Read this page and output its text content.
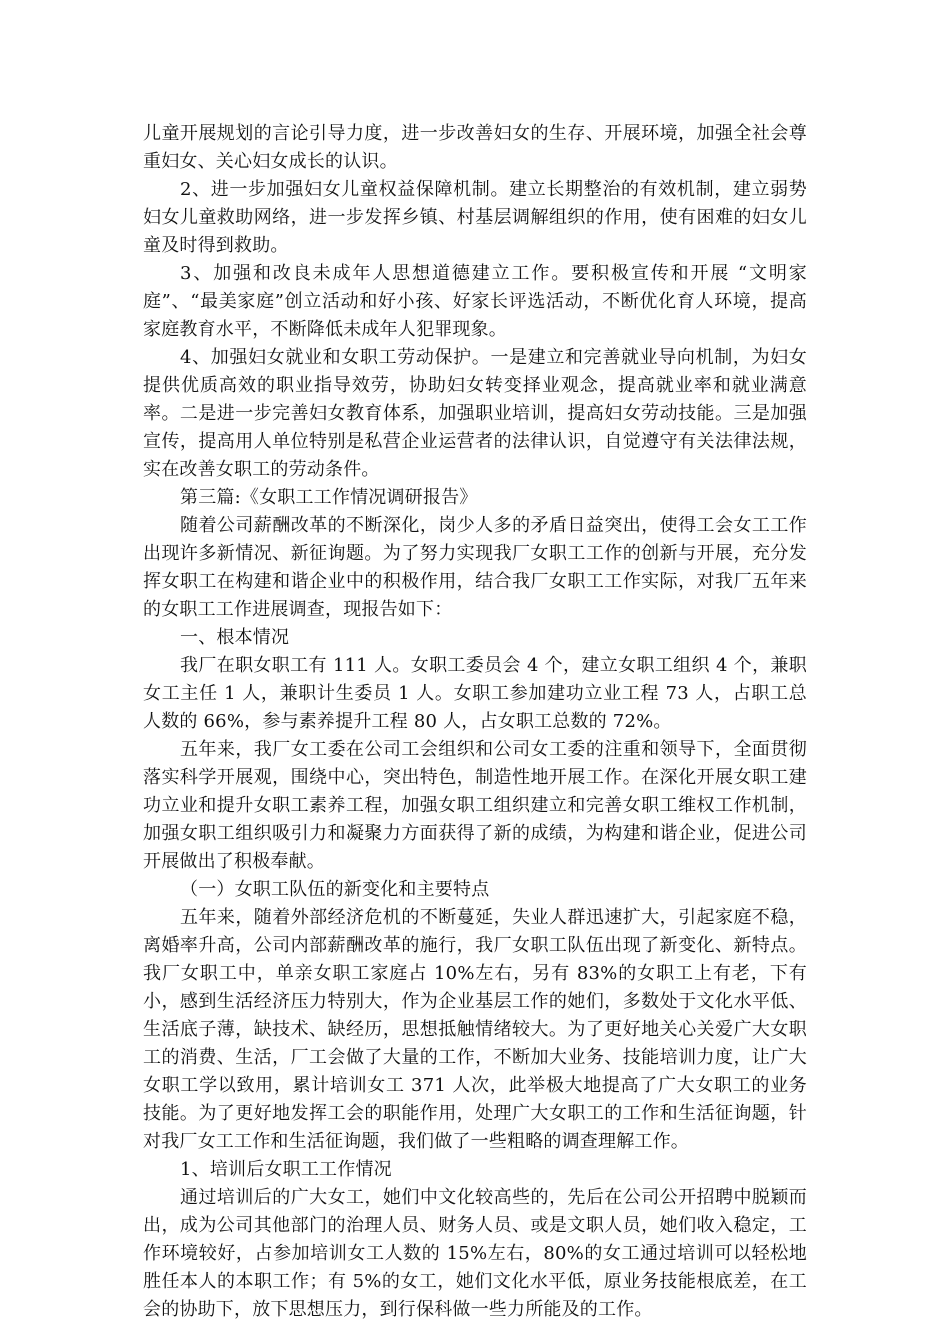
儿童开展规划的言论引导力度，进一步改善妇女的生存、开展环境，加强全社会尊重妇女、关心妇女成长的认识。

2、进一步加强妇女儿童权益保障机制。建立长期整治的有效机制，建立弱势妇女儿童救助网络，进一步发挥乡镇、村基层调解组织的作用，使有困难的妇女儿童及时得到救助。

3、加强和改良未成年人思想道德建立工作。要积极宣传和开展 “文明家庭”、“最美家庭”创立活动和好小孩、好家长评选活动，不断优化育人环境，提高家庭教育水平，不断降低未成年人犯罪现象。

4、加强妇女就业和女职工劳动保护。一是建立和完善就业导向机制，为妇女提供优质高效的职业指导效劳，协助妇女转变择业观念，提高就业率和就业满意率。二是进一步完善妇女教育体系，加强职业培训，提高妇女劳动技能。三是加强宣传，提高用人单位特别是私营企业运营者的法律认识，自觉遵守有关法律法规，实在改善女职工的劳动条件。

第三篇:《女职工工作情况调研报告》

随着公司薪酬改革的不断深化，岗少人多的矛盾日益突出，使得工会女工工作出现许多新情况、新征询题。为了努力实现我厂女职工工作的创新与开展，充分发挥女职工在构建和谐企业中的积极作用，结合我厂女职工工作实际，对我厂五年来的女职工工作进展调查，现报告如下：

一、根本情况

我厂在职女职工有 111 人。女职工委员会 4 个，建立女职工组织 4 个，兼职女工主任 1 人，兼职计生委员 1 人。女职工参加建功立业工程 73 人，占职工总人数的 66%，参与素养提升工程 80 人，占女职工总数的 72%。

五年来，我厂女工委在公司工会组织和公司女工委的注重和领导下，全面贯彻落实科学开展观，围绕中心，突出特色，制造性地开展工作。在深化开展女职工建功立业和提升女职工素养工程，加强女职工组织建立和完善女职工维权工作机制，加强女职工组织吸引力和凝聚力方面获得了新的成绩，为构建和谐企业，促进公司开展做出了积极奉献。

（一）女职工队伍的新变化和主要特点

五年来，随着外部经济危机的不断蔓延，失业人群迅速扩大，引起家庭不稳，离婚率升高，公司内部薪酬改革的施行，我厂女职工队伍出现了新变化、新特点。我厂女职工中，单亲女职工家庭占 10%左右，另有 83%的女职工上有老，下有小，感到生活经济压力特别大，作为企业基层工作的她们，多数处于文化水平低、生活底子薄，缺技术、缺经历，思想抵触情绪较大。为了更好地关心关爱广大女职工的消费、生活，厂工会做了大量的工作，不断加大业务、技能培训力度，让广大女职工学以致用，累计培训女工 371 人次，此举极大地提高了广大女职工的业务技能。为了更好地发挥工会的职能作用，处理广大女职工的工作和生活征询题，针对我厂女工工作和生活征询题，我们做了一些粗略的调查理解工作。

1、培训后女职工工作情况

通过培训后的广大女工，她们中文化较高些的，先后在公司公开招聘中脱颖而出，成为公司其他部门的治理人员、财务人员、或是文职人员，她们收入稳定，工作环境较好，占参加培训女工人数的 15%左右，80%的女工通过培训可以轻松地胜任本人的本职工作；有 5%的女工，她们文化水平低，原业务技能根底差，在工会的协助下，放下思想压力，到行保科做一些力所能及的工作。
